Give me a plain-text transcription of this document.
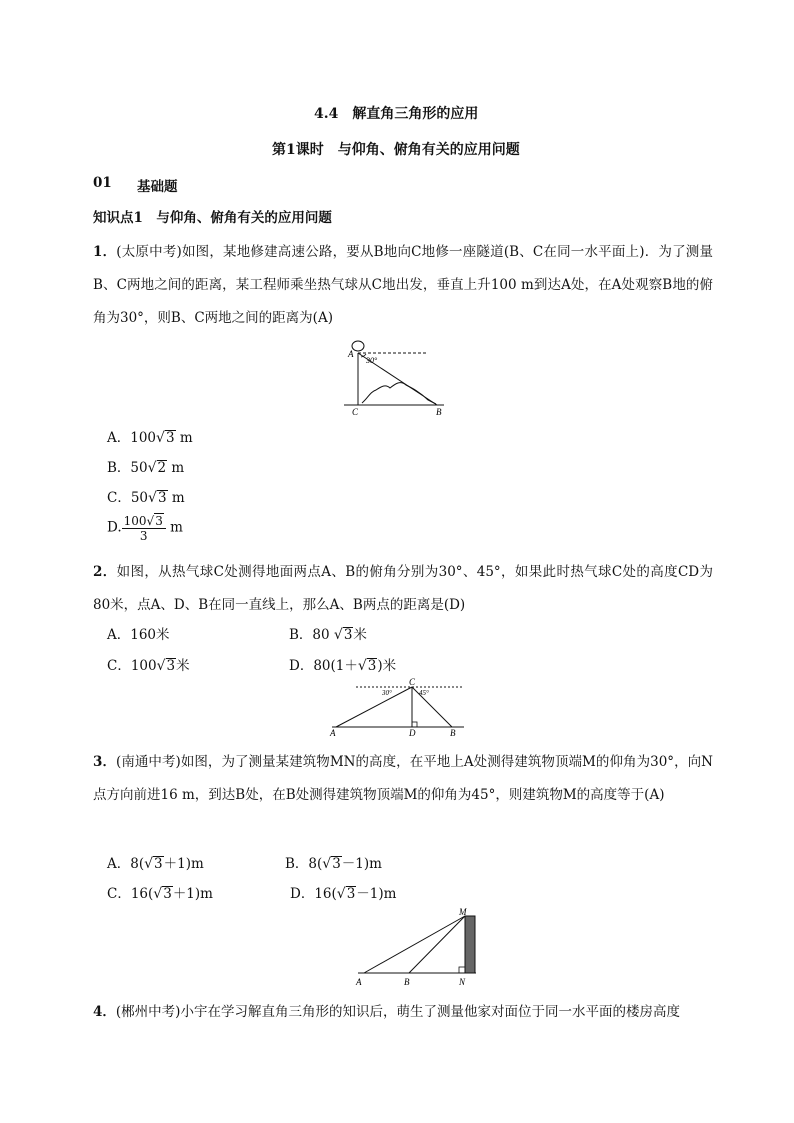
4.4　解直角三角形的应用
第1课时　与仰角、俯角有关的应用问题
01 基础题
知识点1　与仰角、俯角有关的应用问题
1．(太原中考)如图，某地修建高速公路，要从B地向C地修一座隧道(B、C在同一水平面上)．为了测量B、C两地之间的距离，某工程师乘坐热气球从C地出发，垂直上升100 m到达A处，在A处观察B地的俯角为30°，则B、C两地之间的距离为(A)
A
30°
C	B
A．100√3 m
B．50√2 m
C．50√3 m
D. $\frac{100√3}{3}$ m
2．如图，从热气球C处测得地面两点A、B的俯角分别为30°、45°，如果此时热气球C处的高度CD为80米，点A、D、B在同一直线上，那么A、B两点的距离是(D)
A．160米	B．80 √3米
C．100√3米	D．80(1＋√3)米
C
30°	45°
A	D	B
3．(南通中考)如图，为了测量某建筑物MN的高度，在平地上A处测得建筑物顶端M的仰角为30°，向N点方向前进16 m，到达B处，在B处测得建筑物顶端M的仰角为45°，则建筑物M的高度等于(A)
A．8(√3＋1)m	B．8(√3－1)m
C．16(√3＋1)m	D．16(√3－1)m
M
A	B	N
4．(郴州中考)小宇在学习解直角三角形的知识后，萌生了测量他家对面位于同一水平面的楼房高度
